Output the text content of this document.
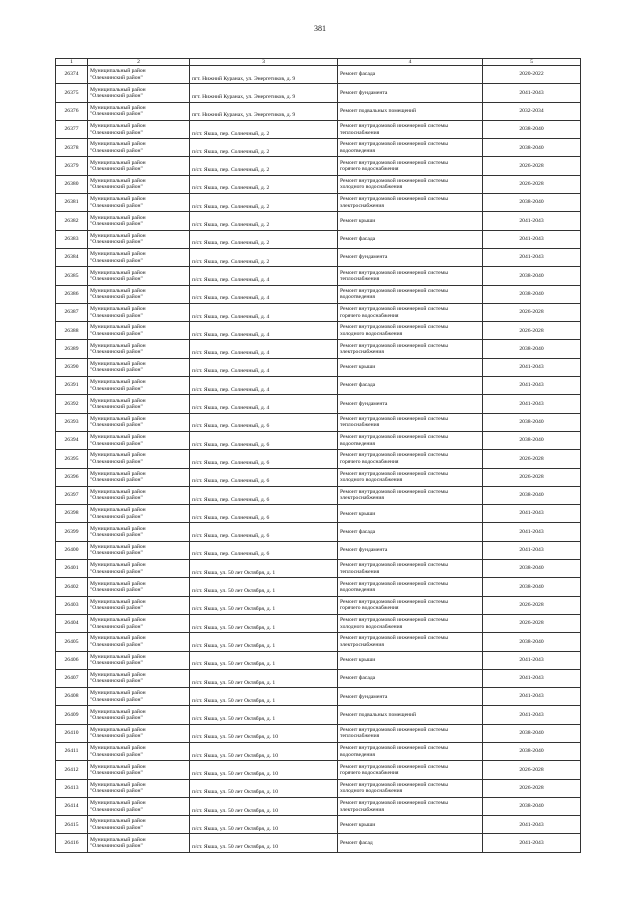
381
1	2	3	4	5
26374	Муниципальный район
"Олекминский район"	пгт. Нижний Куранах, ул. Энергетиков, д. 9	Ремонт фасада	2020-2022
26375	Муниципальный район
"Олекминский район"	пгт. Нижний Куранах, ул. Энергетиков, д. 9	Ремонт фундамента	2041-2043
26376	Муниципальный район
"Олекминский район"	пгт. Нижний Куранах, ул. Энергетиков, д. 9	Ремонт подвальных помещений	2032-2034
26377	Муниципальный район
"Олекминский район"	п/ст. Якша, пер. Солнечный, д. 2	Ремонт внутридомовой инженерной системы
теплоснабжения	2038-2040
26378	Муниципальный район
"Олекминский район"	п/ст. Якша, пер. Солнечный, д. 2	Ремонт внутридомовой инженерной системы
водоотведения	2038-2040
26379	Муниципальный район
"Олекминский район"	п/ст. Якша, пер. Солнечный, д. 2	Ремонт внутридомовой инженерной системы
горячего водоснабжения	2026-2028
26380	Муниципальный район
"Олекминский район"	п/ст. Якша, пер. Солнечный, д. 2	Ремонт внутридомовой инженерной системы
холодного водоснабжения	2026-2028
26381	Муниципальный район
"Олекминский район"	п/ст. Якша, пер. Солнечный, д. 2	Ремонт внутридомовой инженерной системы
электроснабжения	2038-2040
26382	Муниципальный район
"Олекминский район"	п/ст. Якша, пер. Солнечный, д. 2	Ремонт крыши	2041-2043
26383	Муниципальный район
"Олекминский район"	п/ст. Якша, пер. Солнечный, д. 2	Ремонт фасада	2041-2043
26384	Муниципальный район
"Олекминский район"	п/ст. Якша, пер. Солнечный, д. 2	Ремонт фундамента	2041-2043
26385	Муниципальный район
"Олекминский район"	п/ст. Якша, пер. Солнечный, д. 4	Ремонт внутридомовой инженерной системы
теплоснабжения	2038-2040
26386	Муниципальный район
"Олекминский район"	п/ст. Якша, пер. Солнечный, д. 4	Ремонт внутридомовой инженерной системы
водоотведения	2038-2040
26387	Муниципальный район
"Олекминский район"	п/ст. Якша, пер. Солнечный, д. 4	Ремонт внутридомовой инженерной системы
горячего водоснабжения	2026-2028
26388	Муниципальный район
"Олекминский район"	п/ст. Якша, пер. Солнечный, д. 4	Ремонт внутридомовой инженерной системы
холодного водоснабжения	2026-2028
26389	Муниципальный район
"Олекминский район"	п/ст. Якша, пер. Солнечный, д. 4	Ремонт внутридомовой инженерной системы
электроснабжения	2038-2040
26390	Муниципальный район
"Олекминский район"	п/ст. Якша, пер. Солнечный, д. 4	Ремонт крыши	2041-2043
26391	Муниципальный район
"Олекминский район"	п/ст. Якша, пер. Солнечный, д. 4	Ремонт фасада	2041-2043
26392	Муниципальный район
"Олекминский район"	п/ст. Якша, пер. Солнечный, д. 4	Ремонт фундамента	2041-2043
26393	Муниципальный район
"Олекминский район"	п/ст. Якша, пер. Солнечный, д. 6	Ремонт внутридомовой инженерной системы
теплоснабжения	2038-2040
26394	Муниципальный район
"Олекминский район"	п/ст. Якша, пер. Солнечный, д. 6	Ремонт внутридомовой инженерной системы
водоотведения	2038-2040
26395	Муниципальный район
"Олекминский район"	п/ст. Якша, пер. Солнечный, д. 6	Ремонт внутридомовой инженерной системы
горячего водоснабжения	2026-2028
26396	Муниципальный район
"Олекминский район"	п/ст. Якша, пер. Солнечный, д. 6	Ремонт внутридомовой инженерной системы
холодного водоснабжения	2026-2028
26397	Муниципальный район
"Олекминский район"	п/ст. Якша, пер. Солнечный, д. 6	Ремонт внутридомовой инженерной системы
электроснабжения	2038-2040
26398	Муниципальный район
"Олекминский район"	п/ст. Якша, пер. Солнечный, д. 6	Ремонт крыши	2041-2043
26399	Муниципальный район
"Олекминский район"	п/ст. Якша, пер. Солнечный, д. 6	Ремонт фасада	2041-2043
26400	Муниципальный район
"Олекминский район"	п/ст. Якша, пер. Солнечный, д. 6	Ремонт фундамента	2041-2043
26401	Муниципальный район
"Олекминский район"	п/ст. Якша, ул. 50 лет Октября, д. 1	Ремонт внутридомовой инженерной системы
теплоснабжения	2038-2040
26402	Муниципальный район
"Олекминский район"	п/ст. Якша, ул. 50 лет Октября, д. 1	Ремонт внутридомовой инженерной системы
водоотведения	2038-2040
26403	Муниципальный район
"Олекминский район"	п/ст. Якша, ул. 50 лет Октября, д. 1	Ремонт внутридомовой инженерной системы
горячего водоснабжения	2026-2028
26404	Муниципальный район
"Олекминский район"	п/ст. Якша, ул. 50 лет Октября, д. 1	Ремонт внутридомовой инженерной системы
холодного водоснабжения	2026-2028
26405	Муниципальный район
"Олекминский район"	п/ст. Якша, ул. 50 лет Октября, д. 1	Ремонт внутридомовой инженерной системы
электроснабжения	2038-2040
26406	Муниципальный район
"Олекминский район"	п/ст. Якша, ул. 50 лет Октября, д. 1	Ремонт крыши	2041-2043
26407	Муниципальный район
"Олекминский район"	п/ст. Якша, ул. 50 лет Октября, д. 1	Ремонт фасада	2041-2043
26408	Муниципальный район
"Олекминский район"	п/ст. Якша, ул. 50 лет Октября, д. 1	Ремонт фундамента	2041-2043
26409	Муниципальный район
"Олекминский район"	п/ст. Якша, ул. 50 лет Октября, д. 1	Ремонт подвальных помещений	2041-2043
26410	Муниципальный район
"Олекминский район"	п/ст. Якша, ул. 50 лет Октября, д. 10	Ремонт внутридомовой инженерной системы
теплоснабжения	2038-2040
26411	Муниципальный район
"Олекминский район"	п/ст. Якша, ул. 50 лет Октября, д. 10	Ремонт внутридомовой инженерной системы
водоотведения	2038-2040
26412	Муниципальный район
"Олекминский район"	п/ст. Якша, ул. 50 лет Октября, д. 10	Ремонт внутридомовой инженерной системы
горячего водоснабжения	2026-2028
26413	Муниципальный район
"Олекминский район"	п/ст. Якша, ул. 50 лет Октября, д. 10	Ремонт внутридомовой инженерной системы
холодного водоснабжения	2026-2028
26414	Муниципальный район
"Олекминский район"	п/ст. Якша, ул. 50 лет Октября, д. 10	Ремонт внутридомовой инженерной системы
электроснабжения	2038-2040
26415	Муниципальный район
"Олекминский район"	п/ст. Якша, ул. 50 лет Октября, д. 10	Ремонт крыши	2041-2043
26416	Муниципальный район
"Олекминский район"	п/ст. Якша, ул. 50 лет Октября, д. 10	Ремонт фасад	2041-2043
